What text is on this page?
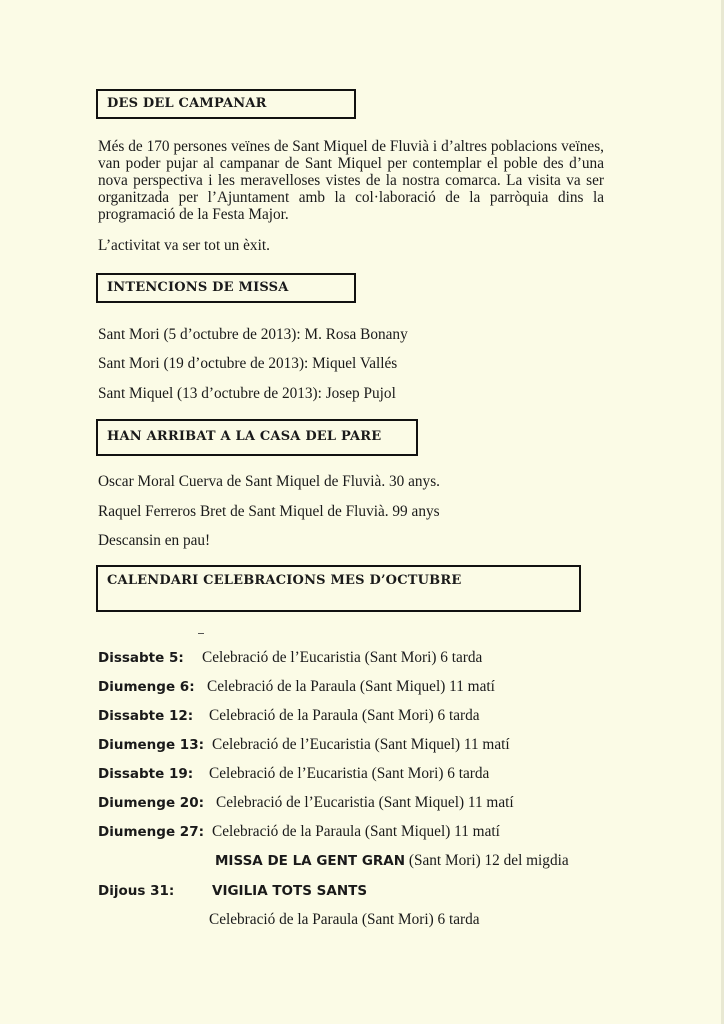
DES DEL CAMPANAR

Més de 170 persones veïnes de Sant Miquel de Fluvià i d’altres poblacions veïnes, van poder pujar al campanar de Sant Miquel per contemplar el poble des d’una nova perspectiva i les meravelloses vistes de la nostra comarca. La visita va ser organitzada per l’Ajuntament amb la col·laboració de la parròquia dins la programació de la Festa Major.

L’activitat va ser tot un èxit.
INTENCIONS DE MISSA
Sant Mori (5 d’octubre de 2013): M. Rosa Bonany
Sant Mori (19 d’octubre de 2013): Miquel Vallés
Sant Miquel (13 d’octubre de 2013): Josep Pujol
HAN ARRIBAT A LA CASA DEL PARE
Oscar Moral Cuerva de Sant Miquel de Fluvià. 30 anys.
Raquel Ferreros Bret de Sant Miquel de Fluvià. 99 anys
Descansin en pau!
CALENDARI CELEBRACIONS MES D’OCTUBRE
Dissabte 5: Celebració de l’Eucaristia (Sant Mori) 6 tarda
Diumenge 6: Celebració de la Paraula (Sant Miquel) 11 matí
Dissabte 12: Celebració de la Paraula (Sant Mori) 6 tarda
Diumenge 13: Celebració de l’Eucaristia (Sant Miquel) 11 matí
Dissabte 19: Celebració de l’Eucaristia (Sant Mori) 6 tarda
Diumenge 20: Celebració de l’Eucaristia (Sant Miquel) 11 matí
Diumenge 27: Celebració de la Paraula (Sant Miquel) 11 matí
MISSA DE LA GENT GRAN (Sant Mori) 12 del migdia
Dijous 31:	VIGILIA TOTS SANTS
Celebració de la Paraula (Sant Mori) 6 tarda
